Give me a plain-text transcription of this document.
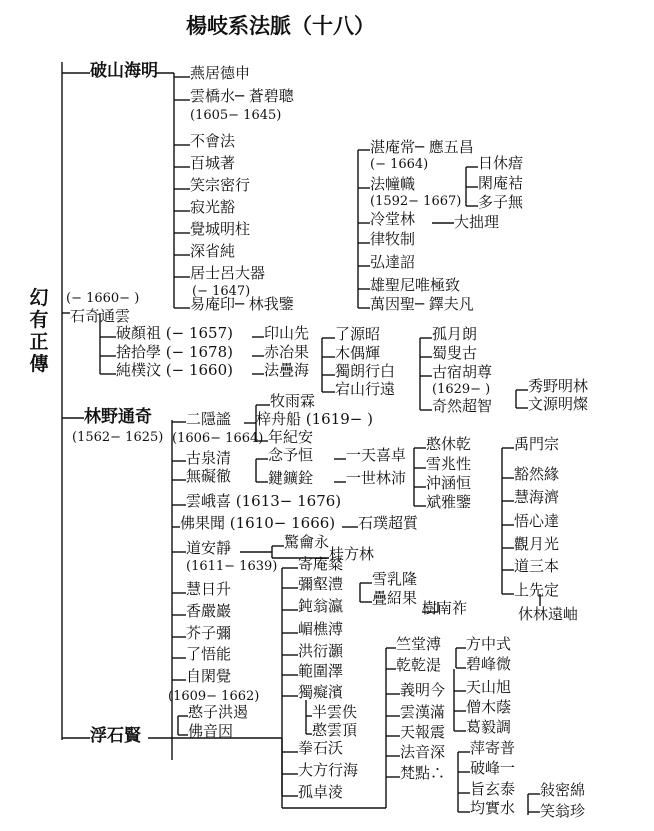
楊岐系法脈（十八）
幻有正傳
破山海明 燕居德申
雲橋水─ 蒼碧聰
(1605− 1645)
不會法
百城著
笑宗密行
寂光豁
覺城明柱
深省純
居士呂大器
(− 1647)
易庵印─ 林我鑒
湛庵常─ 應五昌
(− 1664)
法幢幟
(1592− 1667)
日休瘖
閑庵袺
多子無
冷堂林	大拙理
律牧制
弘達詔
雄聖尼唯極致
萬因聖─ 鐸夫凡
(− 1660− )
石奇通雲
破顏祖 (− 1657)
捨拾學 (− 1678)
純樸汶 (− 1660)
印山先
赤冶果
法疊海
了源昭
木偶輝
獨朗行白
宕山行遠
孤月朗
蜀叟古
古宿胡尊
(1629− )
奇然超智
秀野明林
文源明燦
林野通奇
(1562− 1625)
二隱謐
(1606− 1664)
牧雨霖
梓舟船 (1619− )
年紀安
古泉清 念予恒 一天喜卓
憨休乾
無礙徹
雪兆性
沖涵恒
鍵鑛銓 一世林沛
斌雅鑒
雲峨喜 (1613− 1676)
佛果聞 (1610− 1666) 石璞超質
道安靜	驚龠永
(1611− 1639)
桂方林
慧日升
香嚴巖
芥子彌
了悟能
自閑覺
(1609− 1662)
憨子洪遏
佛音因
禹門宗
豁然緣
慧海濟
悟心達
觀月光
道三本
上先定
休林遠岫
樹南祚
寄庵粲
彌壑澧 雪乳隆
疊紹果
鈍翁瀛
嵋樵溥
洪衍灝
範圍澤
獨癡濱
半雲佚
憨雲頂
浮石賢
拳石沃
大方行海
孤卓淩
竺堂溥
乾乾湜
方中式
碧峰微
天山旭
僧木蔭
葛毅調
義明今
雲漢滿
天報震
法音深
梵點∴
萍寄普
破峰一
旨玄泰
均實水
敍密綿
笑翁珍
